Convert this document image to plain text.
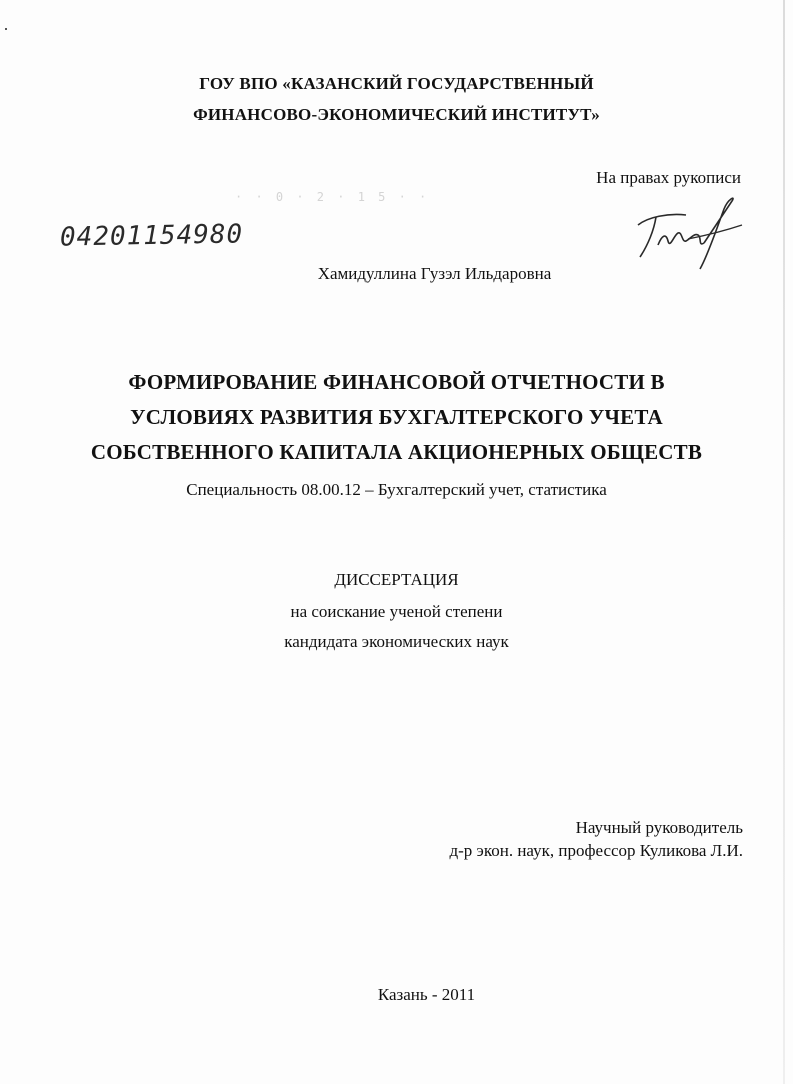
ГОУ ВПО «КАЗАНСКИЙ ГОСУДАРСТВЕННЫЙ
ФИНАНСОВО-ЭКОНОМИЧЕСКИЙ ИНСТИТУТ»
На правах рукописи
· · 0 · 2 · 1 5 · ·
04201154980
Хамидуллина Гузэл Ильдаровна
ФОРМИРОВАНИЕ ФИНАНСОВОЙ ОТЧЕТНОСТИ В
УСЛОВИЯХ РАЗВИТИЯ БУХГАЛТЕРСКОГО УЧЕТА
СОБСТВЕННОГО КАПИТАЛА АКЦИОНЕРНЫХ ОБЩЕСТВ
Специальность 08.00.12 – Бухгалтерский учет, статистика
ДИССЕРТАЦИЯ
на соискание ученой степени
кандидата экономических наук
Научный руководитель
д-р экон. наук, профессор Куликова Л.И.
Казань - 2011
